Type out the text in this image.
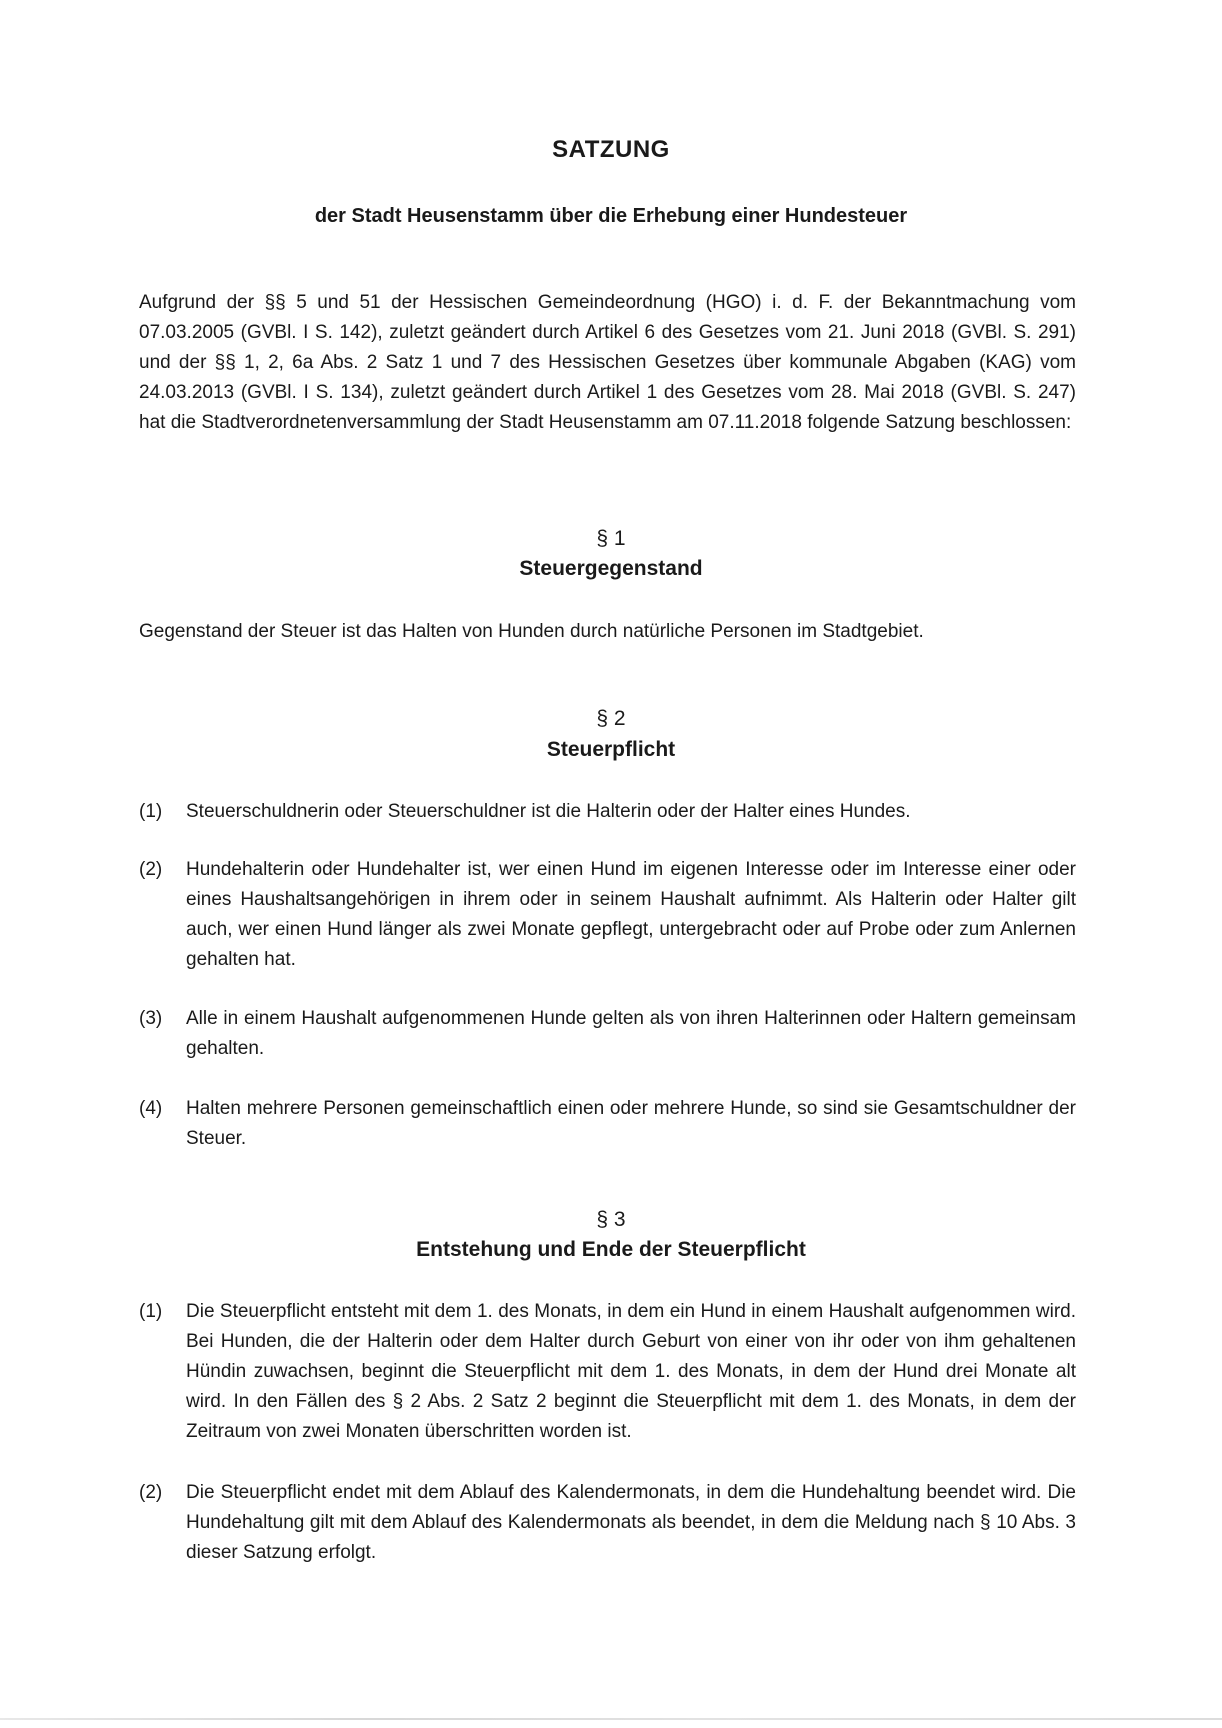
SATZUNG
der Stadt Heusenstamm über die Erhebung einer Hundesteuer
Aufgrund der §§ 5 und 51 der Hessischen Gemeindeordnung (HGO) i. d. F. der Bekanntmachung vom 07.03.2005 (GVBl. I S. 142), zuletzt geändert durch Artikel 6 des Gesetzes vom 21. Juni 2018 (GVBl. S. 291) und der §§ 1, 2, 6a Abs. 2 Satz 1 und 7 des Hessischen Gesetzes über kommunale Abgaben (KAG) vom 24.03.2013 (GVBl. I S. 134), zuletzt geändert durch Artikel 1 des Gesetzes vom 28. Mai 2018 (GVBl. S. 247) hat die Stadtverordnetenversammlung der Stadt Heusenstamm am 07.11.2018 folgende Satzung beschlossen:
§ 1
Steuergegenstand
Gegenstand der Steuer ist das Halten von Hunden durch natürliche Personen im Stadtgebiet.
§ 2
Steuerpflicht
(1)	Steuerschuldnerin oder Steuerschuldner ist die Halterin oder der Halter eines Hundes.
(2)	Hundehalterin oder Hundehalter ist, wer einen Hund im eigenen Interesse oder im Interesse einer oder eines Haushaltsangehörigen in ihrem oder in seinem Haushalt aufnimmt. Als Halterin oder Halter gilt auch, wer einen Hund länger als zwei Monate gepflegt, untergebracht oder auf Probe oder zum Anlernen gehalten hat.
(3)	Alle in einem Haushalt aufgenommenen Hunde gelten als von ihren Halterinnen oder Haltern gemeinsam gehalten.
(4)	Halten mehrere Personen gemeinschaftlich einen oder mehrere Hunde, so sind sie Gesamtschuldner der Steuer.
§ 3
Entstehung und Ende der Steuerpflicht
(1)	Die Steuerpflicht entsteht mit dem 1. des Monats, in dem ein Hund in einem Haushalt aufgenommen wird. Bei Hunden, die der Halterin oder dem Halter durch Geburt von einer von ihr oder von ihm gehaltenen Hündin zuwachsen, beginnt die Steuerpflicht mit dem 1. des Monats, in dem der Hund drei Monate alt wird. In den Fällen des § 2 Abs. 2 Satz 2 beginnt die Steuerpflicht mit dem 1. des Monats, in dem der Zeitraum von zwei Monaten überschritten worden ist.
(2)	Die Steuerpflicht endet mit dem Ablauf des Kalendermonats, in dem die Hundehaltung beendet wird. Die Hundehaltung gilt mit dem Ablauf des Kalendermonats als beendet, in dem die Meldung nach § 10 Abs. 3 dieser Satzung erfolgt.
